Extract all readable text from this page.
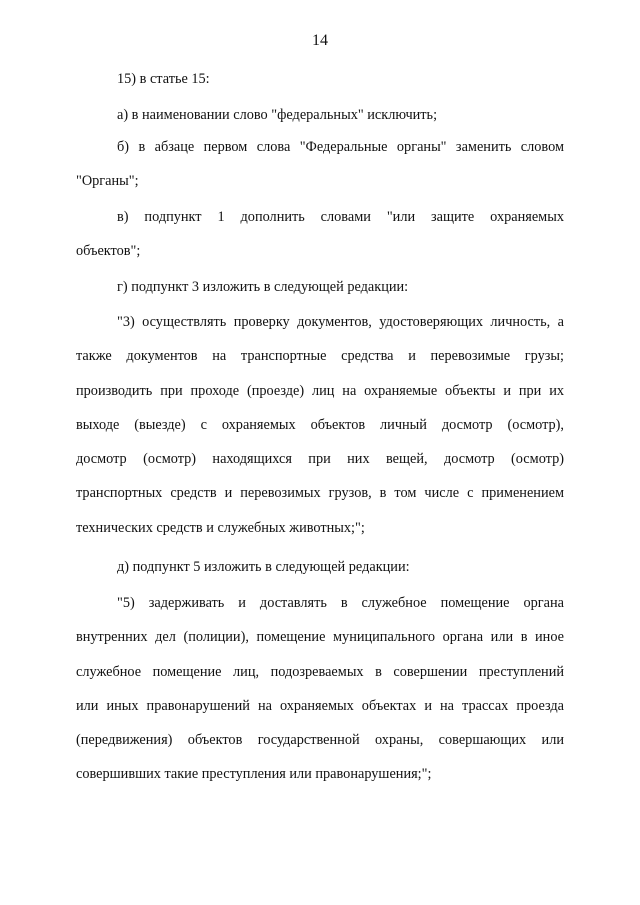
14
15) в статье 15:
а) в наименовании слово "федеральных" исключить;
б) в абзаце первом слова "Федеральные органы" заменить словом
"Органы";
в) подпункт 1 дополнить словами "или защите охраняемых
объектов";
г) подпункт 3 изложить в следующей редакции:
"3) осуществлять проверку документов, удостоверяющих личность, а
также документов на транспортные средства и перевозимые грузы;
производить при проходе (проезде) лиц на охраняемые объекты и при их
выходе (выезде) с охраняемых объектов личный досмотр (осмотр),
досмотр (осмотр) находящихся при них вещей, досмотр (осмотр)
транспортных средств и перевозимых грузов, в том числе с применением
технических средств и служебных животных;";
д) подпункт 5 изложить в следующей редакции:
"5) задерживать и доставлять в служебное помещение органа
внутренних дел (полиции), помещение муниципального органа или в иное
служебное помещение лиц, подозреваемых в совершении преступлений
или иных правонарушений на охраняемых объектах и на трассах проезда
(передвижения) объектов государственной охраны, совершающих или
совершивших такие преступления или правонарушения;";
